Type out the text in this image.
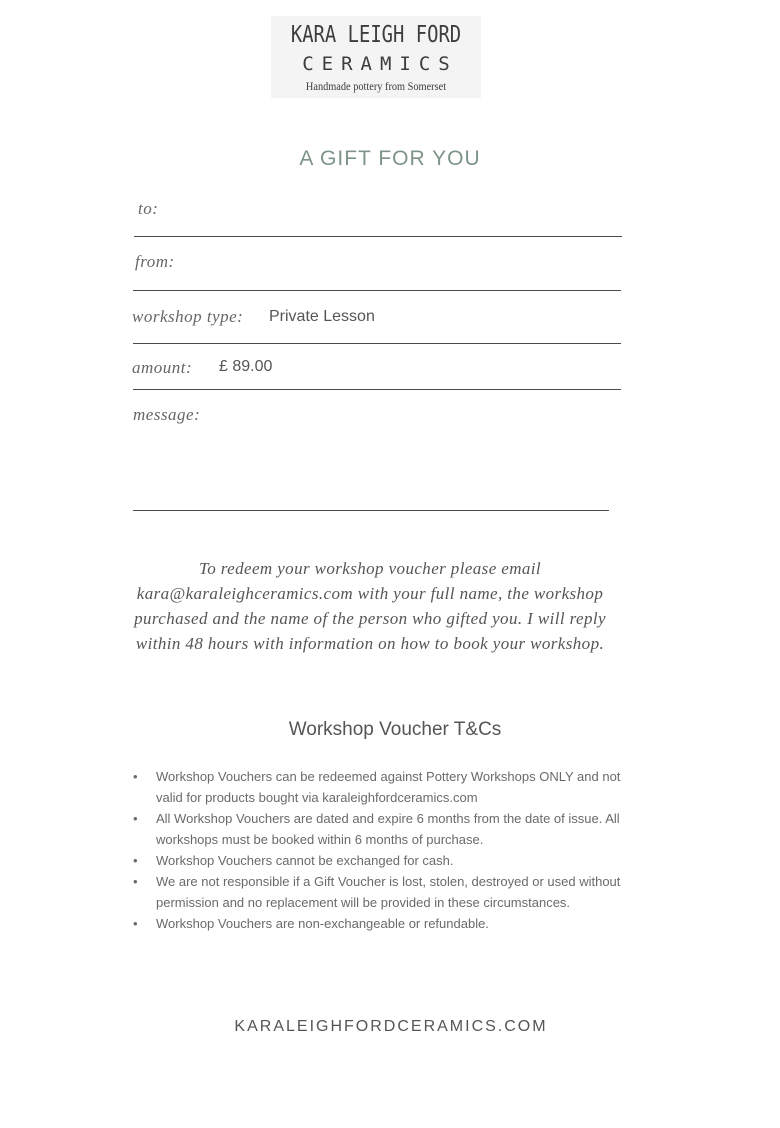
KARA LEIGH FORD
CERAMICS
Handmade pottery from Somerset
A GIFT FOR YOU
to:
from:
workshop type: Private Lesson
amount: £ 89.00
message:
To redeem your workshop voucher please email kara@karaleighceramics.com with your full name, the workshop purchased and the name of the person who gifted you. I will reply within 48 hours with information on how to book your workshop.
Workshop Voucher T&Cs
• Workshop Vouchers can be redeemed against Pottery Workshops ONLY and not valid for products bought via karaleighfordceramics.com
• All Workshop Vouchers are dated and expire 6 months from the date of issue. All workshops must be booked within 6 months of purchase.
• Workshop Vouchers cannot be exchanged for cash.
• We are not responsible if a Gift Voucher is lost, stolen, destroyed or used without permission and no replacement will be provided in these circumstances.
• Workshop Vouchers are non-exchangeable or refundable.
KARALEIGHFORDCERAMICS.COM
